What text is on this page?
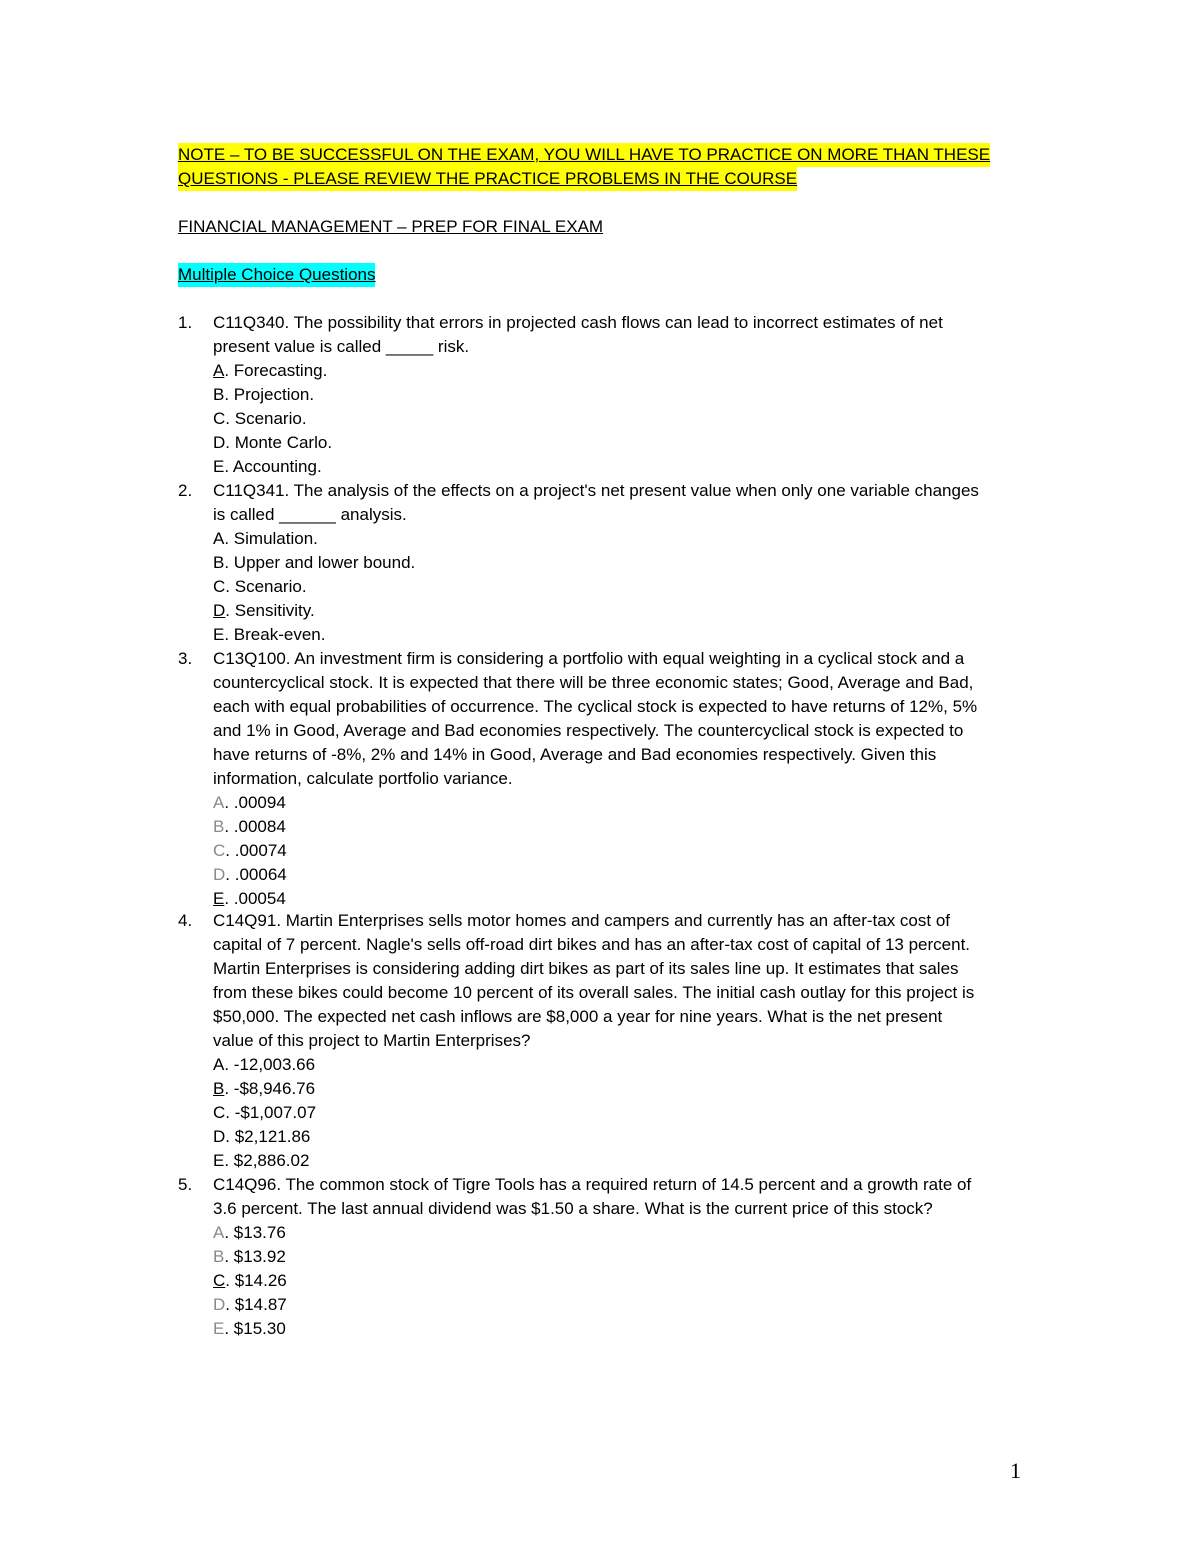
NOTE – TO BE SUCCESSFUL ON THE EXAM, YOU WILL HAVE TO PRACTICE ON MORE THAN THESE
QUESTIONS - PLEASE REVIEW THE PRACTICE PROBLEMS IN THE COURSE
FINANCIAL MANAGEMENT – PREP FOR FINAL EXAM
Multiple Choice Questions
1. C11Q340. The possibility that errors in projected cash flows can lead to incorrect estimates of net
present value is called _____ risk.
A. Forecasting.
B. Projection.
C. Scenario.
D. Monte Carlo.
E. Accounting.
2. C11Q341. The analysis of the effects on a project's net present value when only one variable changes
is called ______ analysis.
A. Simulation.
B. Upper and lower bound.
C. Scenario.
D. Sensitivity.
E. Break-even.
3. C13Q100. An investment firm is considering a portfolio with equal weighting in a cyclical stock and a
countercyclical stock. It is expected that there will be three economic states; Good, Average and Bad,
each with equal probabilities of occurrence. The cyclical stock is expected to have returns of 12%, 5%
and 1% in Good, Average and Bad economies respectively. The countercyclical stock is expected to
have returns of -8%, 2% and 14% in Good, Average and Bad economies respectively. Given this
information, calculate portfolio variance.
A. .00094
B. .00084
C. .00074
D. .00064
E. .00054
4. C14Q91. Martin Enterprises sells motor homes and campers and currently has an after-tax cost of
capital of 7 percent. Nagle's sells off-road dirt bikes and has an after-tax cost of capital of 13 percent.
Martin Enterprises is considering adding dirt bikes as part of its sales line up. It estimates that sales
from these bikes could become 10 percent of its overall sales. The initial cash outlay for this project is
$50,000. The expected net cash inflows are $8,000 a year for nine years. What is the net present
value of this project to Martin Enterprises?
A. -12,003.66
B. -$8,946.76
C. -$1,007.07
D. $2,121.86
E. $2,886.02
5. C14Q96. The common stock of Tigre Tools has a required return of 14.5 percent and a growth rate of
3.6 percent. The last annual dividend was $1.50 a share. What is the current price of this stock?
A. $13.76
B. $13.92
C. $14.26
D. $14.87
E. $15.30
1
